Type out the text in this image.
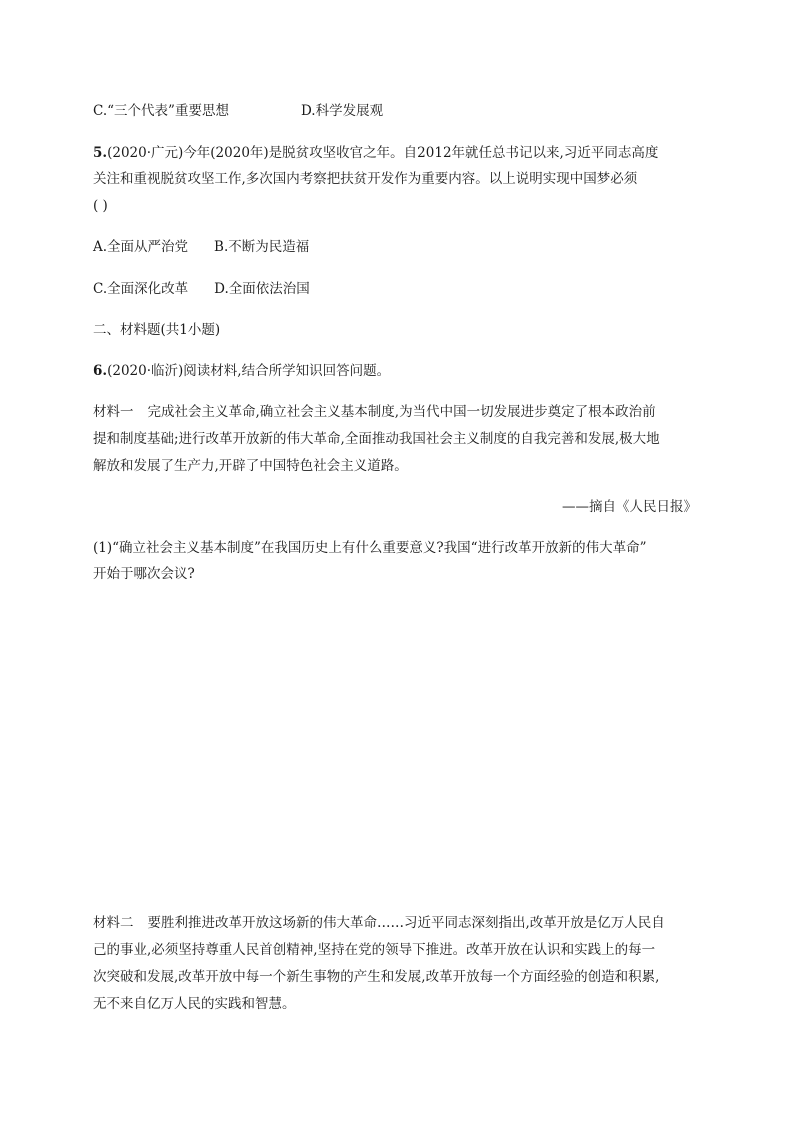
C.“三个代表”重要思想	D.科学发展观
5.(2020·广元)今年(2020年)是脱贫攻坚收官之年。自2012年就任总书记以来,习近平同志高度
关注和重视脱贫攻坚工作,多次国内考察把扶贫开发作为重要内容。以上说明实现中国梦必须
( )
A.全面从严治党 B.不断为民造福
C.全面深化改革 D.全面依法治国
二、材料题(共1小题)
6.(2020·临沂)阅读材料,结合所学知识回答问题。
材料一 完成社会主义革命,确立社会主义基本制度,为当代中国一切发展进步奠定了根本政治前
提和制度基础;进行改革开放新的伟大革命,全面推动我国社会主义制度的自我完善和发展,极大地
解放和发展了生产力,开辟了中国特色社会主义道路。
——摘自《人民日报》
(1)“确立社会主义基本制度”在我国历史上有什么重要意义?我国“进行改革开放新的伟大革命”
开始于哪次会议?
材料二 要胜利推进改革开放这场新的伟大革命……习近平同志深刻指出,改革开放是亿万人民自
己的事业,必须坚持尊重人民首创精神,坚持在党的领导下推进。改革开放在认识和实践上的每一
次突破和发展,改革开放中每一个新生事物的产生和发展,改革开放每一个方面经验的创造和积累,
无不来自亿万人民的实践和智慧。
